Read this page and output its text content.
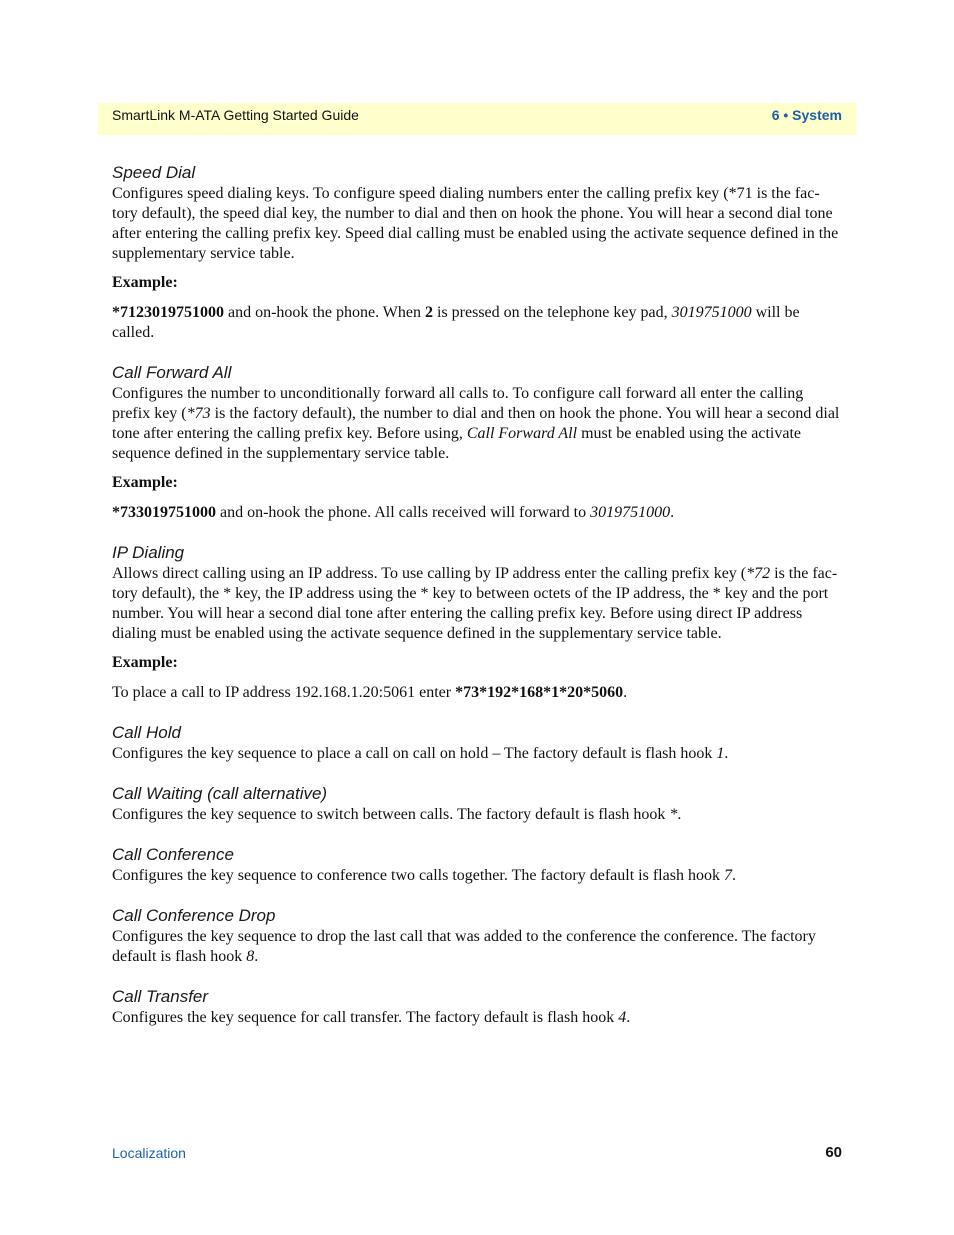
SmartLink M-ATA Getting Started Guide	6 • System
Speed Dial

Configures speed dialing keys. To configure speed dialing numbers enter the calling prefix key (*71 is the fac-tory default), the speed dial key, the number to dial and then on hook the phone. You will hear a second dial tone after entering the calling prefix key. Speed dial calling must be enabled using the activate sequence defined in the supplementary service table.

Example:

*7123019751000 and on-hook the phone. When 2 is pressed on the telephone key pad, 3019751000 will be called.

Call Forward All

Configures the number to unconditionally forward all calls to. To configure call forward all enter the calling prefix key (*73 is the factory default), the number to dial and then on hook the phone. You will hear a second dial tone after entering the calling prefix key. Before using, Call Forward All must be enabled using the activate sequence defined in the supplementary service table.

Example:

*733019751000 and on-hook the phone. All calls received will forward to 3019751000.

IP Dialing

Allows direct calling using an IP address. To use calling by IP address enter the calling prefix key (*72 is the fac-tory default), the * key, the IP address using the * key to between octets of the IP address, the * key and the port number. You will hear a second dial tone after entering the calling prefix key. Before using direct IP address dialing must be enabled using the activate sequence defined in the supplementary service table.

Example:

To place a call to IP address 192.168.1.20:5061 enter *73*192*168*1*20*5060.

Call Hold

Configures the key sequence to place a call on call on hold – The factory default is flash hook 1.

Call Waiting (call alternative)

Configures the key sequence to switch between calls. The factory default is flash hook *.

Call Conference

Configures the key sequence to conference two calls together. The factory default is flash hook 7.

Call Conference Drop

Configures the key sequence to drop the last call that was added to the conference the conference. The factory default is flash hook 8.

Call Transfer

Configures the key sequence for call transfer. The factory default is flash hook 4.

Localization	60
